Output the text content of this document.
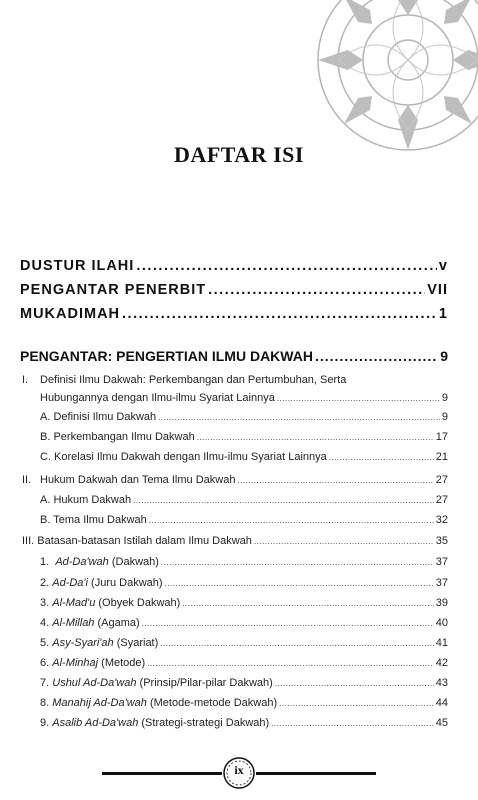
DAFTAR ISI
DUSTUR ILAHI .....	v
PENGANTAR PENERBIT .....	VII
MUKADIMAH .....	1
PENGANTAR: PENGERTIAN ILMU DAKWAH .....	9
I. Definisi Ilmu Dakwah: Perkembangan dan Pertumbuhan, Serta
Hubungannya dengan Ilmu-ilmu Syariat Lainnya .....	9
A. Definisi Ilmu Dakwah .....	9
B. Perkembangan Ilmu Dakwah .....	17
C. Korelasi Ilmu Dakwah dengan Ilmu-ilmu Syariat Lainnya .....	21
II. Hukum Dakwah dan Tema Ilmu Dakwah .....	27
A. Hukum Dakwah .....	27
B. Tema Ilmu Dakwah .....	32
III. Batasan-batasan Istilah dalam Ilmu Dakwah .....	35
1. Ad-Da'wah (Dakwah) .....	37
2. Ad-Da'i (Juru Dakwah) .....	37
3. Al-Mad'u (Obyek Dakwah) .....	39
4. Al-Millah (Agama) .....	40
5. Asy-Syari'ah (Syariat) .....	41
6. Al-Minhaj (Metode) .....	42
7. Ushul Ad-Da'wah (Prinsip/Pilar-pilar Dakwah) .....	43
8. Manahij Ad-Da'wah (Metode-metode Dakwah) .....	44
9. Asalib Ad-Da'wah (Strategi-strategi Dakwah) .....	45
ix
